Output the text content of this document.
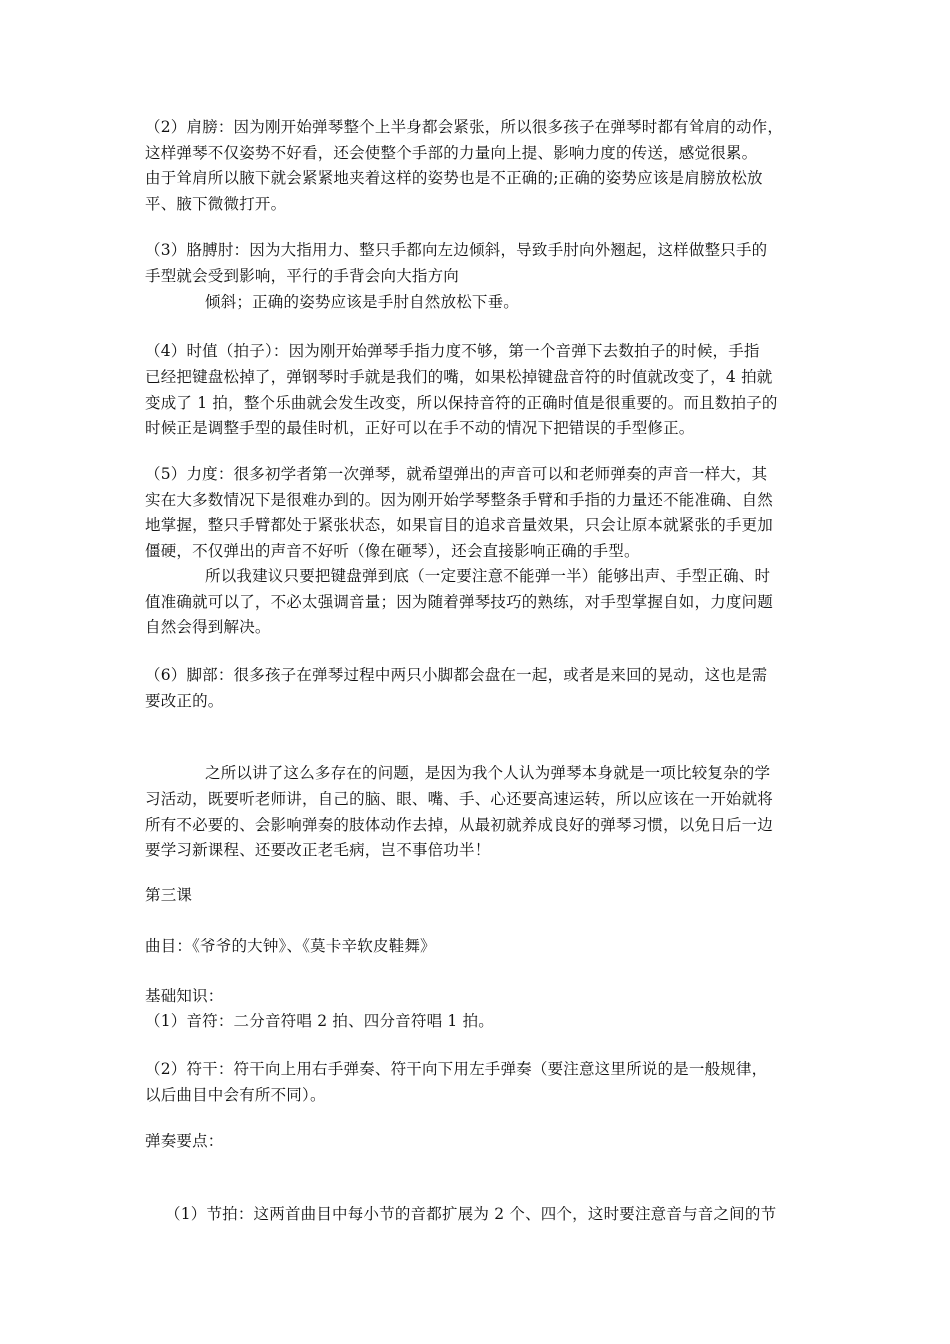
（2）肩膀：因为刚开始弹琴整个上半身都会紧张，所以很多孩子在弹琴时都有耸肩的动作，
这样弹琴不仅姿势不好看，还会使整个手部的力量向上提、影响力度的传送，感觉很累。
由于耸肩所以腋下就会紧紧地夹着这样的姿势也是不正确的;正确的姿势应该是肩膀放松放
平、腋下微微打开。
（3）胳膊肘：因为大指用力、整只手都向左边倾斜，导致手肘向外翘起，这样做整只手的
手型就会受到影响，平行的手背会向大指方向
倾斜；正确的姿势应该是手肘自然放松下垂。
（4）时值（拍子）：因为刚开始弹琴手指力度不够，第一个音弹下去数拍子的时候，手指
已经把键盘松掉了，弹钢琴时手就是我们的嘴，如果松掉键盘音符的时值就改变了，4 拍就
变成了 1 拍，整个乐曲就会发生改变，所以保持音符的正确时值是很重要的。而且数拍子的
时候正是调整手型的最佳时机，正好可以在手不动的情况下把错误的手型修正。
（5）力度：很多初学者第一次弹琴，就希望弹出的声音可以和老师弹奏的声音一样大，其
实在大多数情况下是很难办到的。因为刚开始学琴整条手臂和手指的力量还不能准确、自然
地掌握，整只手臂都处于紧张状态，如果盲目的追求音量效果，只会让原本就紧张的手更加
僵硬，不仅弹出的声音不好听（像在砸琴），还会直接影响正确的手型。
所以我建议只要把键盘弹到底（一定要注意不能弹一半）能够出声、手型正确、时
值准确就可以了，不必太强调音量；因为随着弹琴技巧的熟练，对手型掌握自如，力度问题
自然会得到解决。
（6）脚部：很多孩子在弹琴过程中两只小脚都会盘在一起，或者是来回的晃动，这也是需
要改正的。
之所以讲了这么多存在的问题，是因为我个人认为弹琴本身就是一项比较复杂的学
习活动，既要听老师讲，自己的脑、眼、嘴、手、心还要高速运转，所以应该在一开始就将
所有不必要的、会影响弹奏的肢体动作去掉，从最初就养成良好的弹琴习惯，以免日后一边
要学习新课程、还要改正老毛病，岂不事倍功半！
第三课
曲目：《爷爷的大钟》、《莫卡辛软皮鞋舞》
基础知识：
（1）音符：二分音符唱 2 拍、四分音符唱 1 拍。
（2）符干：符干向上用右手弹奏、符干向下用左手弹奏（要注意这里所说的是一般规律，
以后曲目中会有所不同）。
弹奏要点：
（1）节拍：这两首曲目中每小节的音都扩展为 2 个、四个，这时要注意音与音之间的节
